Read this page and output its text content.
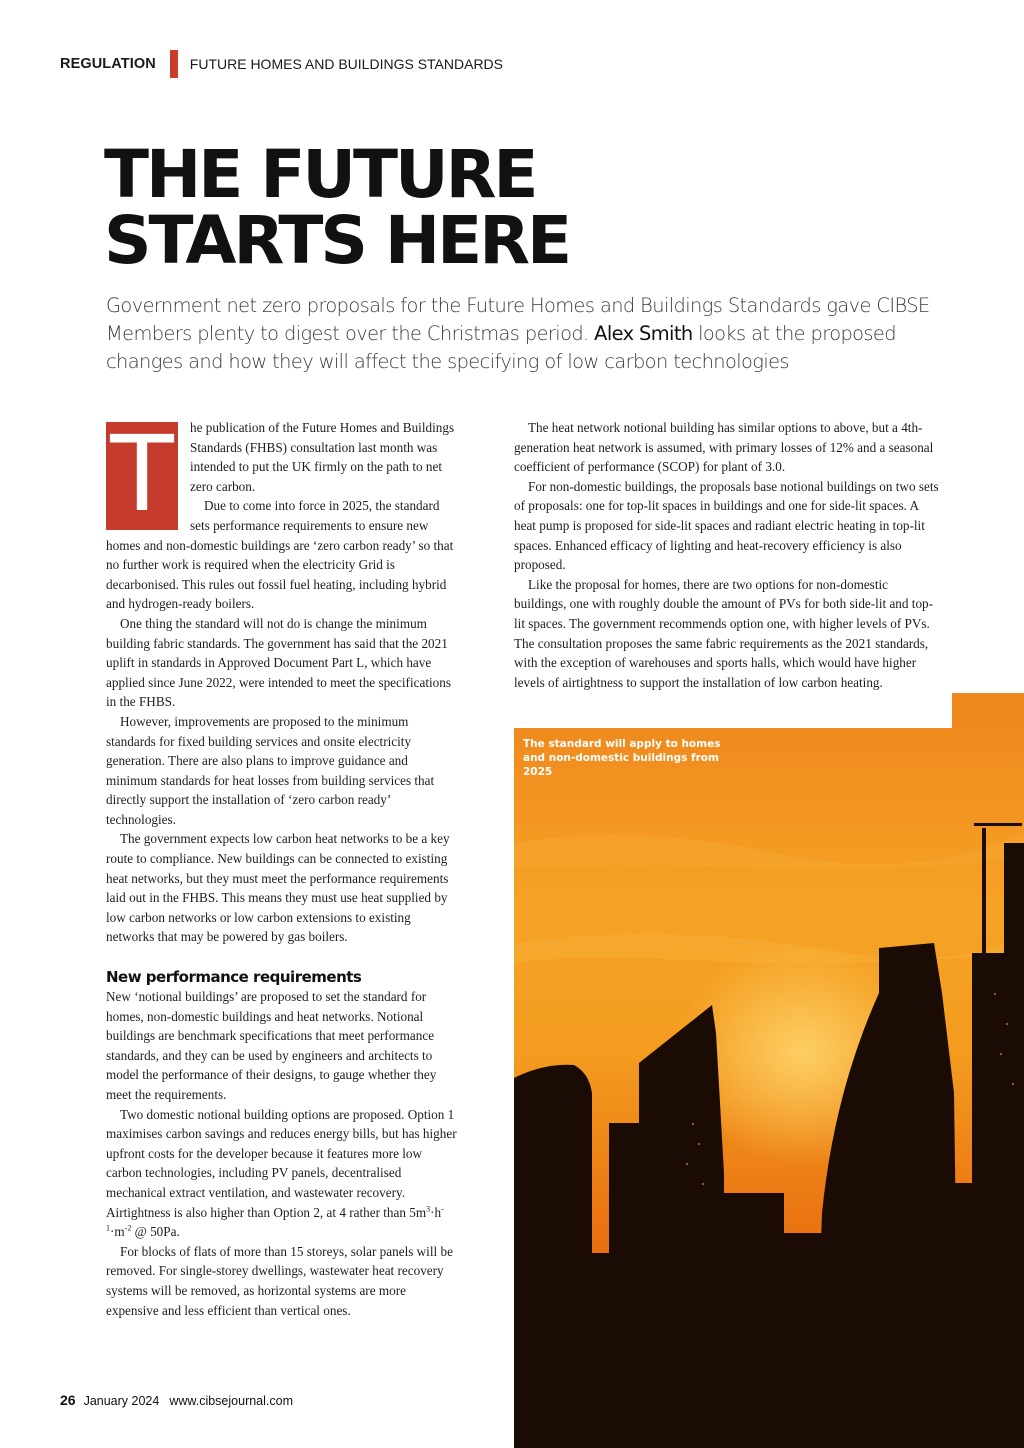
REGULATION FUTURE HOMES AND BUILDINGS STANDARDS
THE FUTURE
STARTS HERE

Government net zero proposals for the Future Homes and Buildings Standards gave CIBSE Members plenty to digest over the Christmas period. Alex Smith looks at the proposed changes and how they will affect the specifying of low carbon technologies

T	he publication of the Future Homes and Buildings Standards (FHBS) consultation last month was intended to put the UK firmly on the path to net zero carbon.

Due to come into force in 2025, the standard sets performance requirements to ensure new homes and non-domestic buildings are ‘zero carbon ready’ so that no further work is required when the electricity Grid is decarbonised. This rules out fossil fuel heating, including hybrid and hydrogen-ready boilers.

One thing the standard will not do is change the minimum building fabric standards. The government has said that the 2021 uplift in standards in Approved Document Part L, which have applied since June 2022, were intended to meet the specifications in the FHBS.

However, improvements are proposed to the minimum standards for fixed building services and onsite electricity generation. There are also plans to improve guidance and minimum standards for heat losses from building services that directly support the installation of ‘zero carbon ready’ technologies.

The government expects low carbon heat networks to be a key route to compliance. New buildings can be connected to existing heat networks, but they must meet the performance requirements laid out in the FHBS. This means they must use heat supplied by low carbon networks or low carbon extensions to existing networks that may be powered by gas boilers.

New performance requirements

New ‘notional buildings’ are proposed to set the standard for homes, non-domestic buildings and heat networks. Notional buildings are benchmark specifications that meet performance standards, and they can be used by engineers and architects to model the performance of their designs, to gauge whether they meet the requirements.

Two domestic notional building options are proposed. Option 1 maximises carbon savings and reduces energy bills, but has higher upfront costs for the developer because it features more low carbon technologies, including PV panels, decentralised mechanical extract ventilation, and wastewater recovery. Airtightness is also higher than Option 2, at 4 rather than $5m^3\cdot h^{-1}\cdot m^{-2}$ @ 50Pa.

For blocks of flats of more than 15 storeys, solar panels will be removed. For single-storey dwellings, wastewater heat recovery systems will be removed, as horizontal systems are more expensive and less efficient than vertical ones.

The heat network notional building has similar options to above, but a 4th-generation heat network is assumed, with primary losses of 12% and a seasonal coefficient of performance (SCOP) for plant of 3.0.

For non-domestic buildings, the proposals base notional buildings on two sets of proposals: one for top-lit spaces in buildings and one for side-lit spaces. A heat pump is proposed for side-lit spaces and radiant electric heating in top-lit spaces. Enhanced efficacy of lighting and heat-recovery efficiency is also proposed.

Like the proposal for homes, there are two options for non-domestic buildings, one with roughly double the amount of PVs for both side-lit and top-lit spaces. The government recommends option one, with higher levels of PVs. The consultation proposes the same fabric requirements as the 2021 standards, with the exception of warehouses and sports halls, which would have higher levels of airtightness to support the installation of low carbon heating.

The standard will apply to homes and non-domestic buildings from 2025
26 January 2024 www.cibsejournal.com
